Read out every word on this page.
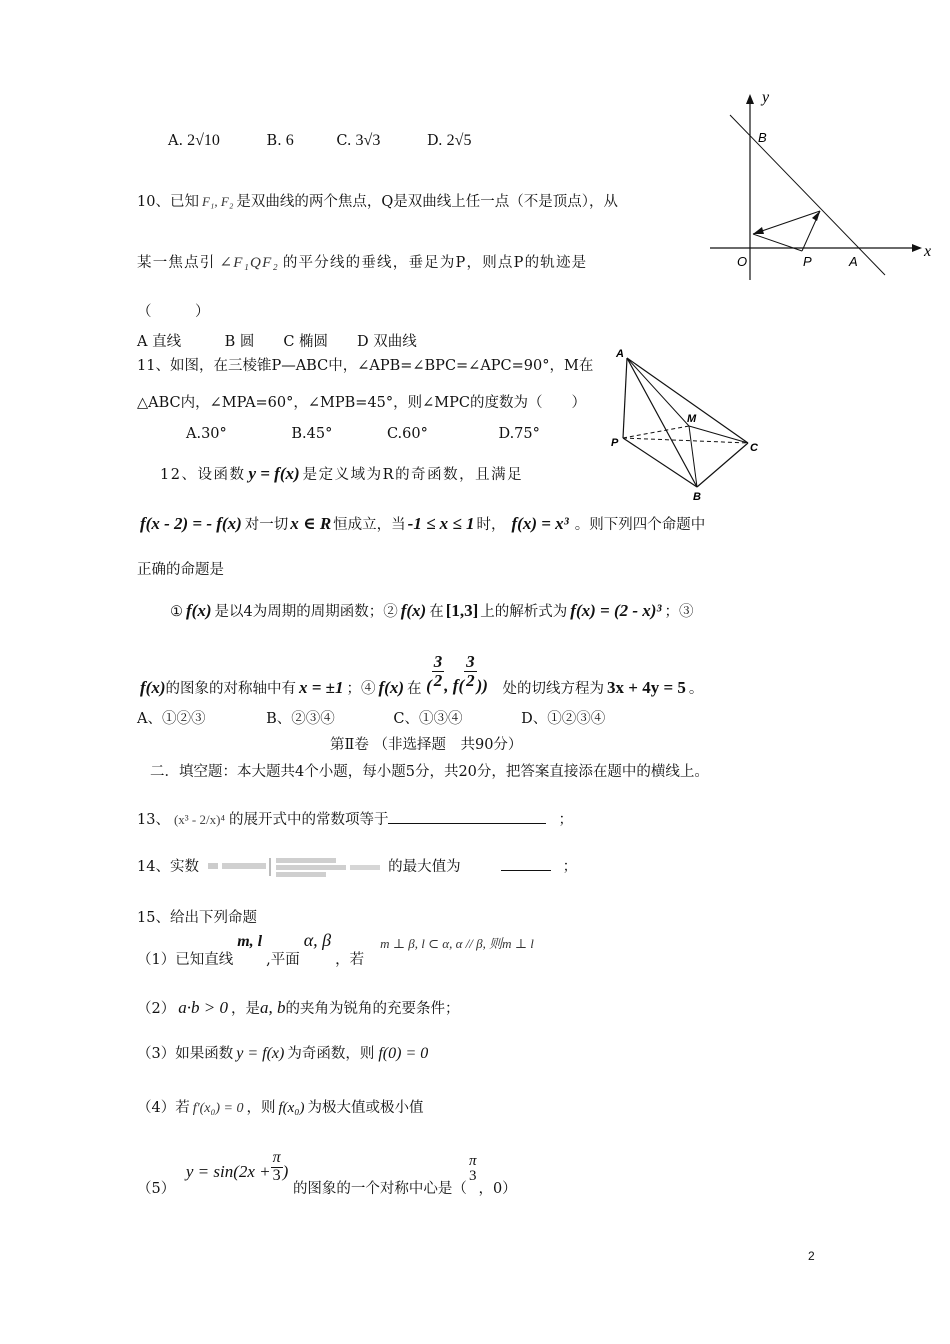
A. 2√10	B. 6	C. 3√3	D. 2√5
10、已知 F₁, F₂ 是双曲线的两个焦点，Q是双曲线上任一点（不是顶点），从
某一焦点引 ∠F₁QF₂ 的平分线的垂线，垂足为P，则点P的轨迹是
（　　　）
A 直线　　　B 圆　　C 椭圆　　D 双曲线
y
x
B
O	P	A
11、如图，在三棱锥P—ABC中，∠APB=∠BPC=∠APC=90°，M在
△ABC内，∠MPA=60°，∠MPB=45°，则∠MPC的度数为（　　）
A.30°	B.45°	C.60°	D.75°
A
M
P	C
B
12、设函数 y = f(x) 是定义域为R的奇函数，且满足
f(x - 2) = - f(x) 对一切 x ∈ R 恒成立，当 -1 ≤ x ≤ 1 时， f(x) = x³ 。则下列四个命题中
正确的命题是
① f(x) 是以4为周期的周期函数；② f(x) 在 [1,3] 上的解析式为 f(x) = (2 - x)³ ；③
f(x)的图象的对称轴中有 x = ±1 ；④ f(x) 在 ( $\frac{3}{2}$ , $f( \frac{3}{2}$ )) 处的切线方程为 3x + 4y = 5 。
A、①②③	B、②③④	C、①③④	D、①②③④
第Ⅱ卷 （非选择题　共90分）
二．填空题：本大题共4个小题，每小题5分，共20分，把答案直接添在题中的横线上。
13、 (x³ - 2/x)⁴ 的展开式中的常数项等于	；
14、实数	的最大值为	；
15、给出下列命题
（1）已知直线m, l,平面α, β，若m ⊥ β, l ⊂ α, α // β, 则m ⊥ l
（2） a·b > 0 ，是a, b的夹角为锐角的充要条件；
（3）如果函数 y = f(x) 为奇函数，则 f(0) = 0
（4）若 f'(x₀) = 0 ，则 f(x₀) 为极大值或极小值
（5） $y = \sin(2x + \frac{\pi}{3}$ ) 的图象的一个对称中心是（
π
3
，0）
2
